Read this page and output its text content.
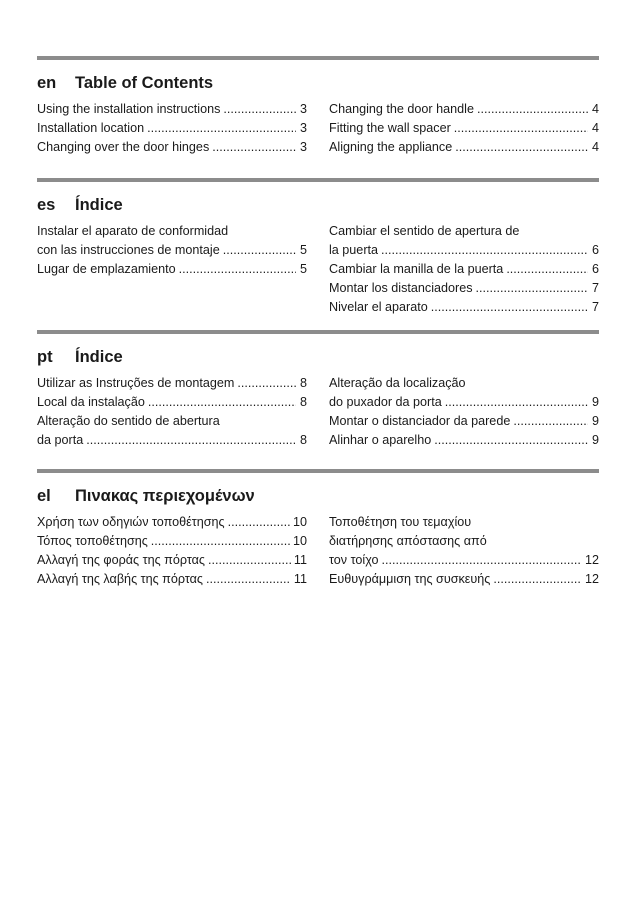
en Table of Contents
Using the installation instructions .....	3
Installation location .....	3
Changing over the door hinges .....	3
Changing the door handle .....	4
Fitting the wall spacer .....	4
Aligning the appliance .....	4
es Índice
Instalar el aparato de conformidad
con las instrucciones de montaje .....	5
Lugar de emplazamiento .....	5
Cambiar el sentido de apertura de
la puerta .....	6
Cambiar la manilla de la puerta .....	6
Montar los distanciadores .....	7
Nivelar el aparato .....	7
pt Índice
Utilizar as Instruções de montagem .....	8
Local da instalação .....	8
Alteração do sentido de abertura
da porta .....	8
Alteração da localização
do puxador da porta .....	9
Montar o distanciador da parede .....	9
Alinhar o aparelho .....	9
el Πινακας περιεχομένων
Χρήση των οδηγιών τοποθέτησης .....	10
Τόπος τοποθέτησης .....	10
Αλλαγή της φοράς της πόρτας .....	11
Αλλαγή της λαβής της πόρτας .....	11
Τοποθέτηση του τεμαχίου
διατήρησης απόστασης από
τον τοίχο .....	12
Ευθυγράμμιση της συσκευής .....	12
